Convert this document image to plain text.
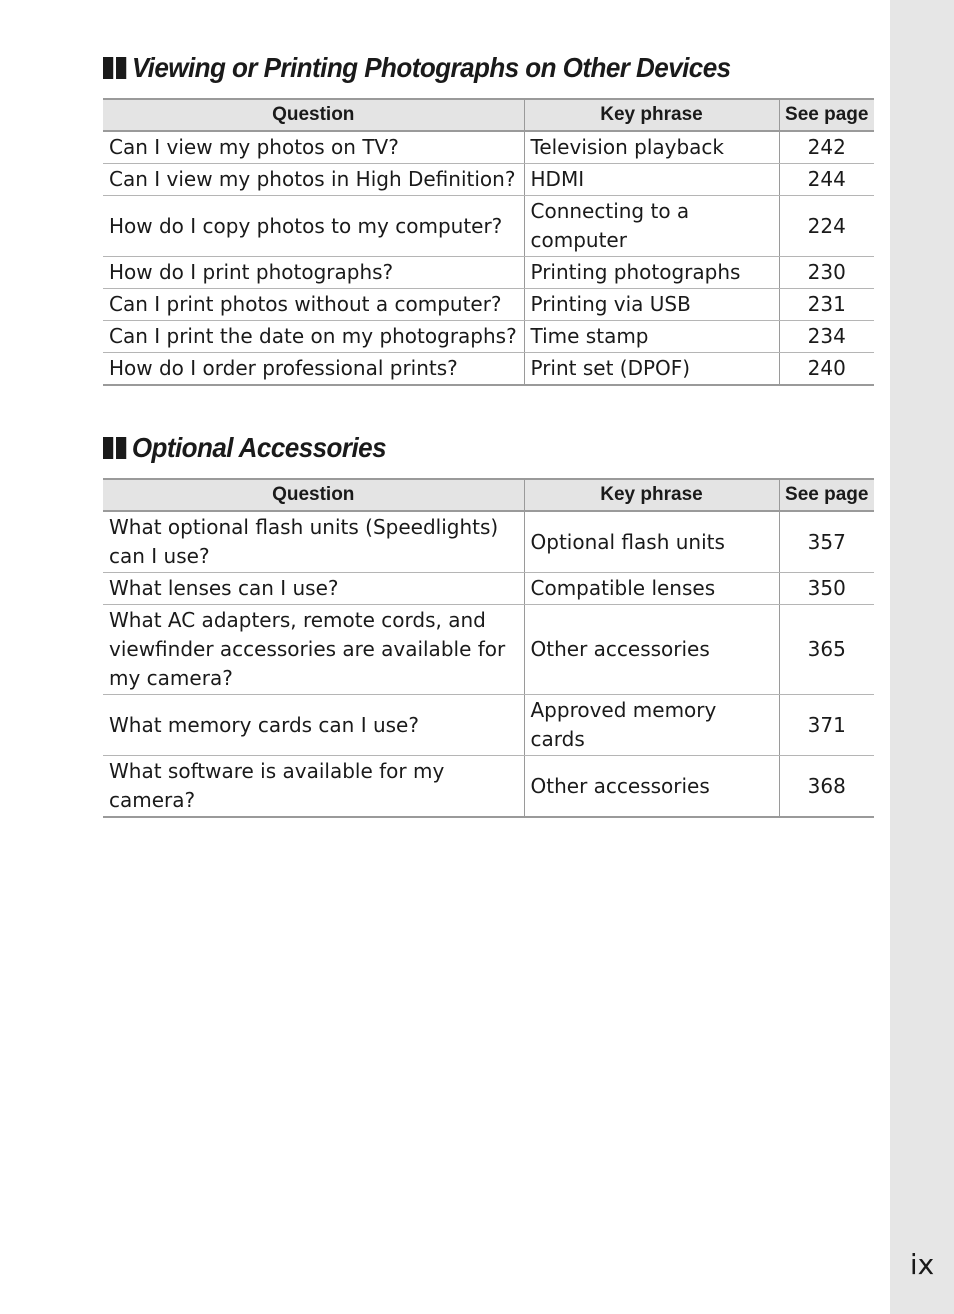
ix
Viewing or Printing Photographs on Other Devices
Question	Key phrase	See page
Can I view my photos on TV?	Television playback	242
Can I view my photos in High Definition?	HDMI	244
How do I copy photos to my computer?	Connecting to a computer	224
How do I print photographs?	Printing photographs	230
Can I print photos without a computer?	Printing via USB	231
Can I print the date on my photographs?	Time stamp	234
How do I order professional prints?	Print set (DPOF)	240
Optional Accessories
Question	Key phrase	See page
What optional flash units (Speedlights) can I use?	Optional flash units	357
What lenses can I use?	Compatible lenses	350
What AC adapters, remote cords, and viewfinder accessories are available for my camera?	Other accessories	365
What memory cards can I use?	Approved memory cards	371
What software is available for my camera?	Other accessories	368
